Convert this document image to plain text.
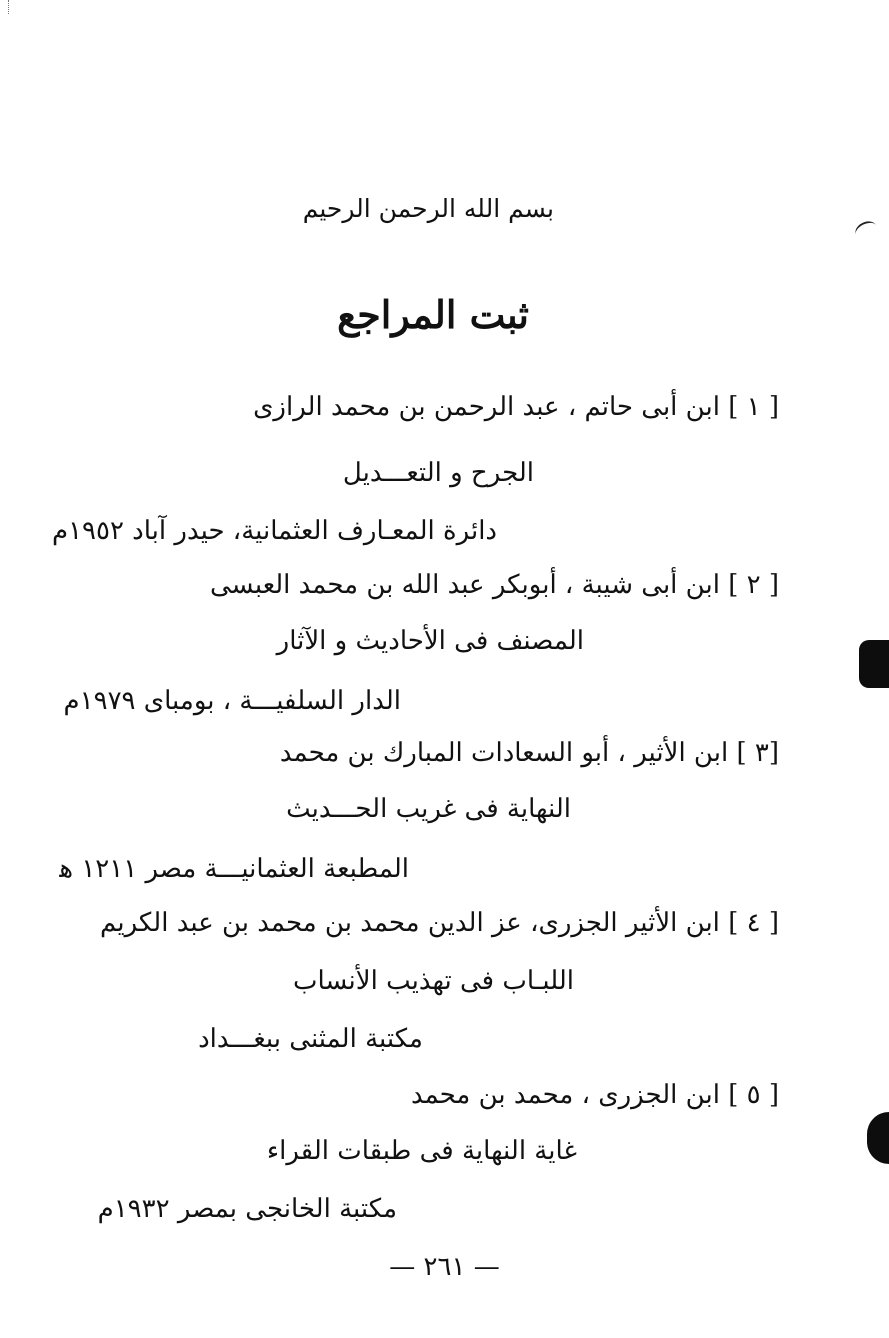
بسم الله الرحمن الرحيم
ثبت المراجع
[ ١ ] ابن أبى حاتم ، عبد الرحمن بن محمد الرازى
الجرح و التعـــديل
دائرة المعـارف العثمانية، حيدر آباد ١٩٥٢م
[ ٢ ] ابن أبى شيبة ، أبوبكر عبد الله بن محمد العبسى
المصنف فى الأحاديث و الآثار
الدار السلفيـــة ، بومباى ١٩٧٩م
[٣ ] ابن الأثير ، أبو السعادات المبارك بن محمد
النهاية فى غريب الحـــديث
المطبعة العثمانيـــة مصر ١٢١١ ﻫ
[ ٤ ] ابن الأثير الجزرى، عز الدين محمد بن محمد بن عبد الكريم
اللبـاب فى تهذيب الأنساب
مكتبة المثنى ببغـــداد
[ ٥ ] ابن الجزرى ، محمد بن محمد
غاية النهاية فى طبقات القراء
مكتبة الخانجى بمصر ١٩٣٢م
— ٢٦١ —
